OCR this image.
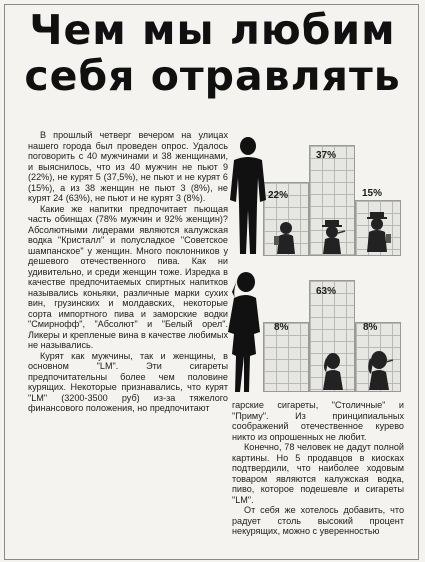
Чем мы любим
себя отравлять
22%
37%
15%
8%
63%
8%

В прошлый четверг вечером на улицах нашего города был проведен опрос. Удалось поговорить с 40 мужчинами и 38 женщинами, и выяснилось, что из 40 мужчин не пьют 9 (22%), не курят 5 (37,5%), не пьют и не курят 6 (15%), а из 38 женщин не пьют 3 (8%), не курят 24 (63%), не пьют и не курят 3 (8%).

Какие же напитки предпочитает пьющая часть обинщах (78% мужчин и 92% женщин)? Абсолютными лидерами являются калужская водка "Кристалл" и полусладкое "Советское шампанское" у женщин. Много поклонников у дешевого отечественного пива. Как ни удивительно, и среди женщин тоже. Изредка в качестве предпочитаемых спиртных напитков назывались коньяки, различные марки сухих вин, грузинских и молдавских, некоторые сорта импортного пива и заморские водки "Смирнофф", "Абсолют" и "Белый орел". Ликеры и крепленые вина в качестве любимых не назывались.

Курят как мужчины, так и женщины, в основном "LM". Эти сигареты предпочитательны более чем половине курящих. Некоторые признавались, что курят "LM" (3200-3500 руб) из-за тяжелого финансового положения, но предпочитают	гарские сигареты, "Столичные" и "Приму". Из принципиальных соображений отечественное курево никто из опрошенных не любит.

Конечно, 78 человек не дадут полной картины. Но 5 продавцов в киосках подтвердили, что наиболее ходовым товаром являются калужская водка, пиво, которое подешевле и сигареты "LM".

От себя же хотелось добавить, что радует столь высокий процент некурящих, можно с уверенностью
